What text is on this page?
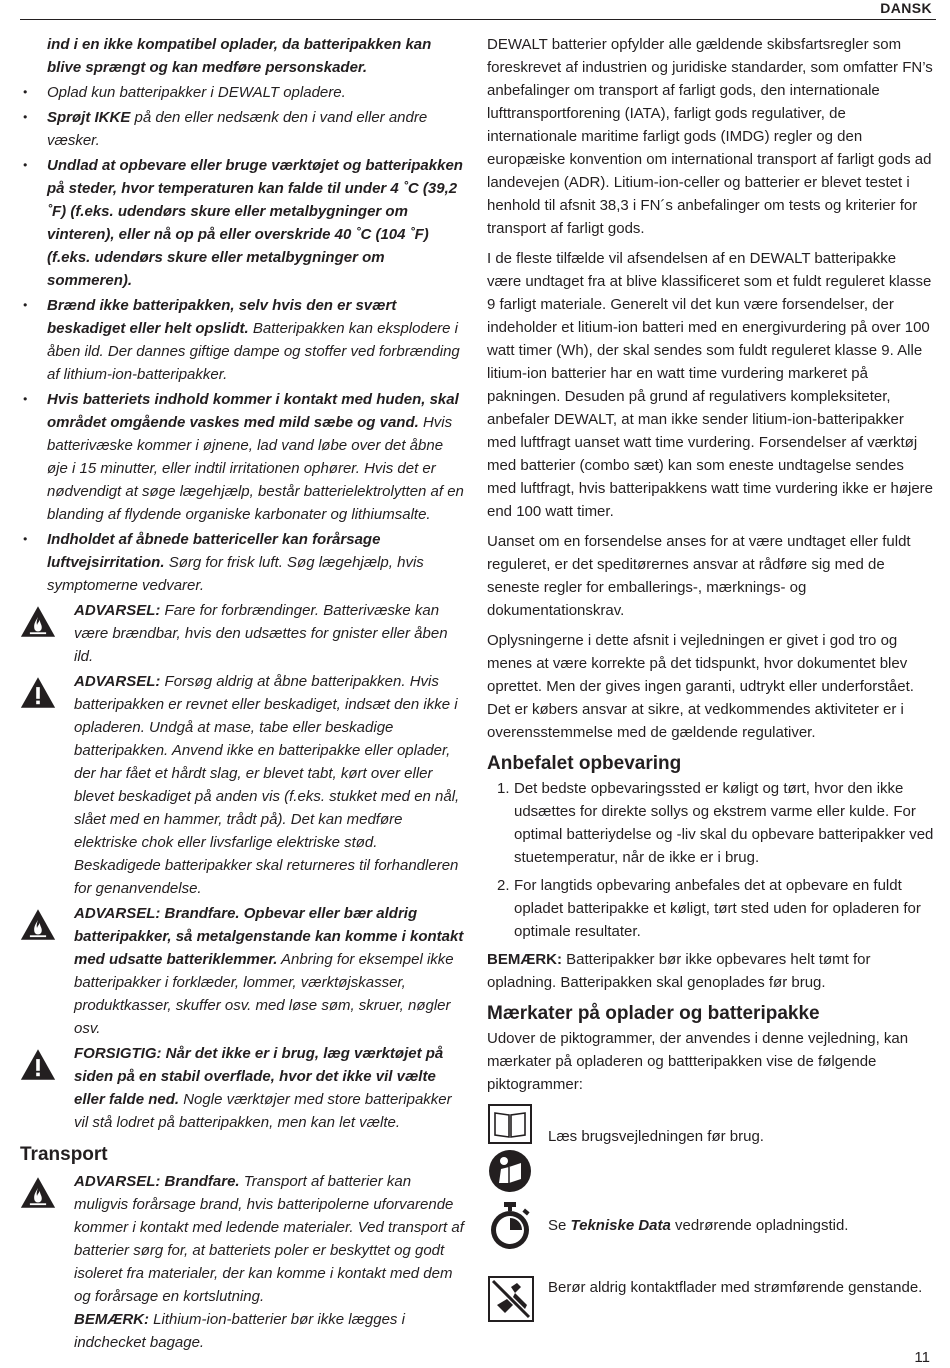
DANSK

ind i en ikke kompatibel oplader, da batteripakken kan blive sprængt og kan medføre personskader.

• Oplad kun batteripakker i DEWALT opladere.
• Sprøjt IKKE på den eller nedsænk den i vand eller andre væsker.
• Undlad at opbevare eller bruge værktøjet og batteripakken på steder, hvor temperaturen kan falde til under 4 ˚C (39,2 ˚F) (f.eks. udendørs skure eller metalbygninger om vinteren), eller nå op på eller overskride 40 ˚C (104 ˚F) (f.eks. udendørs skure eller metalbygninger om sommeren).
• Brænd ikke batteripakken, selv hvis den er svært beskadiget eller helt opslidt. Batteripakken kan eksplodere i åben ild. Der dannes giftige dampe og stoffer ved forbrænding af lithium-ion-batteripakker.
• Hvis batteriets indhold kommer i kontakt med huden, skal området omgående vaskes med mild sæbe og vand. Hvis batterivæske kommer i øjnene, lad vand løbe over det åbne øje i 15 minutter, eller indtil irritationen ophører. Hvis det er nødvendigt at søge lægehjælp, består batterielektrolytten af en blanding af flydende organiske karbonater og lithiumsalte.
• Indholdet af åbnede battericeller kan forårsage luftvejsirritation. Sørg for frisk luft. Søg lægehjælp, hvis symptomerne vedvarer.
ADVARSEL: Fare for forbrændinger. Batterivæske kan være brændbar, hvis den udsættes for gnister eller åben ild.
ADVARSEL: Forsøg aldrig at åbne batteripakken. Hvis batteripakken er revnet eller beskadiget, indsæt den ikke i opladeren. Undgå at mase, tabe eller beskadige batteripakken. Anvend ikke en batteripakke eller oplader, der har fået et hårdt slag, er blevet tabt, kørt over eller blevet beskadiget på anden vis (f.eks. stukket med en nål, slået med en hammer, trådt på). Det kan medføre elektriske chok eller livsfarlige elektriske stød. Beskadigede batteripakker skal returneres til forhandleren for genanvendelse.
ADVARSEL: Brandfare. Opbevar eller bær aldrig batteripakker, så metalgenstande kan komme i kontakt med udsatte batteriklemmer. Anbring for eksempel ikke batteripakker i forklæder, lommer, værktøjskasser, produktkasser, skuffer osv. med løse søm, skruer, nøgler osv.
FORSIGTIG: Når det ikke er i brug, læg værktøjet på siden på en stabil overflade, hvor det ikke vil vælte eller falde ned. Nogle værktøjer med store batteripakker vil stå lodret på batteripakken, men kan let vælte.
Transport
ADVARSEL: Brandfare. Transport af batterier kan muligvis forårsage brand, hvis batteripolerne uforvarende kommer i kontakt med ledende materialer. Ved transport af batterier sørg for, at batteriets poler er beskyttet og godt isoleret fra materialer, der kan komme i kontakt med dem og forårsage en kortslutning.
BEMÆRK: Lithium-ion-batterier bør ikke lægges i indchecket bagage.

DEWALT batterier opfylder alle gældende skibsfartsregler som foreskrevet af industrien og juridiske standarder, som omfatter FN’s anbefalinger om transport af farligt gods, den internationale lufttransportforening (IATA), farligt gods regulativer, de internationale maritime farligt gods (IMDG) regler og den europæiske konvention om international transport af farligt gods ad landevejen (ADR). Litium-ion-celler og batterier er blevet testet i henhold til afsnit 38,3 i FN´s anbefalinger om tests og kriterier for transport af farligt gods.

I de fleste tilfælde vil afsendelsen af en DEWALT batteripakke være undtaget fra at blive klassificeret som et fuldt reguleret klasse 9 farligt materiale. Generelt vil det kun være forsendelser, der indeholder et litium-ion batteri med en energivurdering på over 100 watt timer (Wh), der skal sendes som fuldt reguleret klasse 9. Alle litium-ion batterier har en watt time vurdering markeret på pakningen. Desuden på grund af regulativers kompleksiteter, anbefaler DEWALT, at man ikke sender litium-ion-batteripakker med luftfragt uanset watt time vurdering. Forsendelser af værktøj med batterier (combo sæt) kan som eneste undtagelse sendes med luftfragt, hvis batteripakkens watt time vurdering ikke er højere end 100 watt timer.

Uanset om en forsendelse anses for at være undtaget eller fuldt reguleret, er det speditørernes ansvar at rådføre sig med de seneste regler for emballerings-, mærknings- og dokumentationskrav.

Oplysningerne i dette afsnit i vejledningen er givet i god tro og menes at være korrekte på det tidspunkt, hvor dokumentet blev oprettet. Men der gives ingen garanti, udtrykt eller underforstået. Det er købers ansvar at sikre, at vedkommendes aktiviteter er i overensstemmelse med de gældende regulativer.

Anbefalet opbevaring
1. Det bedste opbevaringssted er køligt og tørt, hvor den ikke udsættes for direkte sollys og ekstrem varme eller kulde. For optimal batteriydelse og -liv skal du opbevare batteripakker ved stuetemperatur, når de ikke er i brug.
2. For langtids opbevaring anbefales det at opbevare en fuldt opladet batteripakke et køligt, tørt sted uden for opladeren for optimale resultater.

BEMÆRK: Batteripakker bør ikke opbevares helt tømt for opladning. Batteripakken skal genoplades før brug.

Mærkater på oplader og batteripakke

Udover de piktogrammer, der anvendes i denne vejledning, kan mærkater på opladeren og battteripakken vise de følgende piktogrammer:

Læs brugsvejledningen før brug.
Se Tekniske Data vedrørende opladningstid.
Berør aldrig kontaktflader med strømførende genstande.
11
